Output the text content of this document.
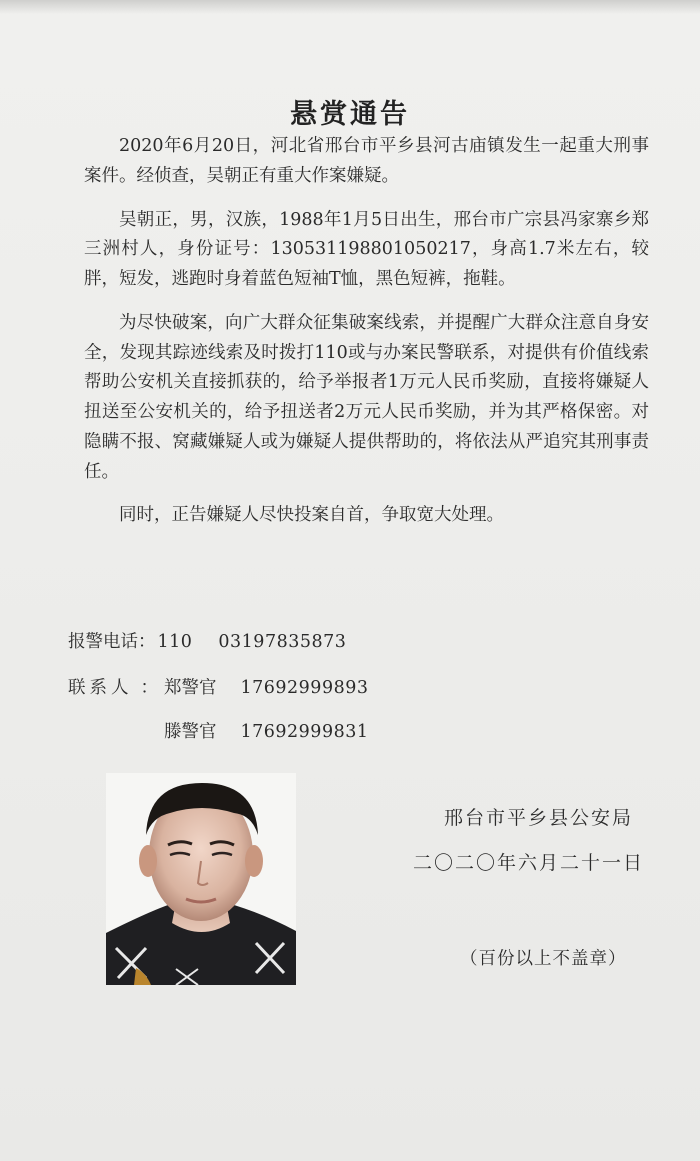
悬赏通告

2020年6月20日，河北省邢台市平乡县河古庙镇发生一起重大刑事案件。经侦查，吴朝正有重大作案嫌疑。

吴朝正，男，汉族，1988年1月5日出生，邢台市广宗县冯家寨乡郑三洲村人，身份证号：130531198801050217，身高1.7米左右，较胖，短发，逃跑时身着蓝色短袖T恤，黑色短裤，拖鞋。

为尽快破案，向广大群众征集破案线索，并提醒广大群众注意自身安全，发现其踪迹线索及时拨打110或与办案民警联系，对提供有价值线索帮助公安机关直接抓获的，给予举报者1万元人民币奖励，直接将嫌疑人扭送至公安机关的，给予扭送者2万元人民币奖励，并为其严格保密。对隐瞒不报、窝藏嫌疑人或为嫌疑人提供帮助的，将依法从严追究其刑事责任。

同时，正告嫌疑人尽快投案自首，争取宽大处理。

报警电话： 110 03197835873
联系人 ： 郑警官 17692999893
滕警官 17692999831
邢台市平乡县公安局
二〇二〇年六月二十一日
（百份以上不盖章）
